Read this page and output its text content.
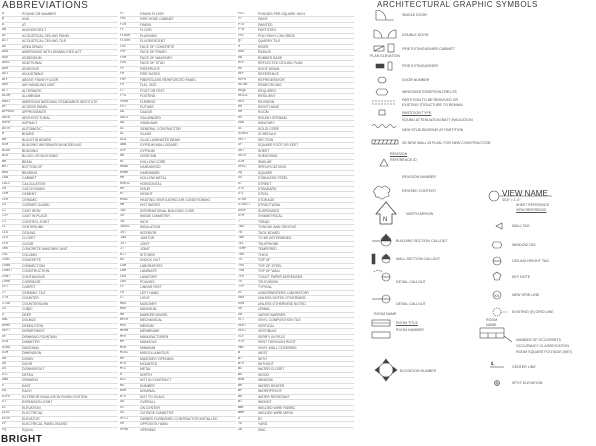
ABBREVIATIONS
&	POUND OR NUMBER
@	AND
A	AT
AB	ANCHOR BOLT
AC	ACOUSTICAL CEILING PANEL
ACT	ACOUSTICAL CEILING TILE
AD	AREA DRAIN
ADA	AMERICANS WITH DISABILITIES ACT
ADD	ADDENDUM
ADDL	ADDITIONAL
ADH	ADHESIVE
ADJ	ADJUSTABLE
AFF	ABOVE FINISH FLOOR
AHU	AIR HANDLING UNIT
ALT	ALTERNATE
ALUM	ALUMINUM
ANSI	AMERICAN NATIONAL STANDARDS INSTITUTE
AP	ACCESS PANEL
APPROX	APPROXIMATE
ARCH	ARCHITECTURAL
ASPH	ASPHALT
AUTO	AUTOMATIC
B	BOARD
BB	BULLETIN BOARD
BIM	BUILDING INFORMATION MODELING
BLDG	BUILDING
BLK	BLOCK OR BLOCKING
BM	BEAM
BOT	BOTTOM OF
BRG	BEARING
CAB	CABINET
CALC	CALCULATION
CB	CATCH BASIN
CEM	CEMENT
CER	CERAMIC
CG	CORNER GUARD
CI	CAST IRON
CIP	CAST IN PLACE
CJ	CONTROL JOINT
CL	CENTERLINE
CLG	CEILING
CLO	CLOSET
CLR	CLEAR
CMU	CONCRETE MASONRY UNIT
COL	COLUMN
CONC	CONCRETE
CONN	CONNECTION
CONST	CONSTRUCTION
CONT	CONTINUOUS
CORR	CORRIDOR
CPT	CARPET
CT	CERAMIC TILE
CTR	COUNTER
CTSK	COUNTERSUNK
CU	CUBIC
D	DEEP
DBL	DOUBLE
DEMO	DEMOLITION
DEPT	DEPARTMENT
DF	DRINKING FOUNTAIN
DIA	DIAMETER
DIAG	DIAGONAL
DIM	DIMENSION
DN	DOWN
DR	DOOR
DS	DOWNSPOUT
DTL	DETAIL
DWG	DRAWING
E	EAST
EA	EACH
EIFS	EXTERIOR INSULATION FINISH SYSTEM
EJ	EXPANSION JOINT
EL	ELEVATION
ELEC	ELECTRICAL
ELEV	ELEVATOR
EP	ELECTRICAL PANEL BOARD
EQ	EQUAL
FF	FINISH FLOOR
FHC	FIRE HOSE CABINET
FIN	FINISH
FL	FLOOR
FLASH	FLASHING
FLUOR	FLUORESCENT
FOC	FACE OF CONCRETE
FOF	FACE OF FINISH
FOM	FACE OF MASONRY
FOS	FACE OF STUD
FP	FIREPROOF
FR	FIRE RATED
FRP	FIBERGLASS REINFORCED PANEL
FS	FULL SIZE
FT	FOOT OR FEET
FTG	FOOTING
FURR	FURRING
FUT	FUTURE
GA	GAUGE
GALV	GALVANIZED
GB	GRAB BAR
GC	GENERAL CONTRACTOR
GL	GLASS
GLB	GLUE LAMINATED BEAM
GWB	GYPSUM WALL BOARD
GYP	GYPSUM
HB	HOSE BIB
HC	HOLLOW CORE
HDWD	HARDWOOD
HDWR	HARDWARE
HM	HOLLOW METAL
HORIZ	HORIZONTAL
HR	HOUR
HT	HEIGHT
HVAC	HEATING VENTILATING AIR CONDITIONING
HW	HOT WATER
IBC	INTERNATIONAL BUILDING CODE
ID	INSIDE DIAMETER
IN	INCH
INSUL	INSULATION
INT	INTERIOR
JAN	JANITOR
JST	JOIST
JT	JOINT
KIT	KITCHEN
KO	KNOCK OUT
LAB	LABORATORY
LAM	LAMINATE
LAV	LAVATORY
LBS	POUNDS
LF	LINEAR FEET
LH	LEFT HAND
LT	LIGHT
MAS	MASONRY
MAX	MAXIMUM
MB	MARKER BOARD
MECH	MECHANICAL
MED	MEDIUM
MEMB	MEMBRANE
MFR	MANUFACTURER
MH	MANHOLE
MIN	MINIMUM
MISC	MISCELLANEOUS
MO	MASONRY OPENING
MTD	MOUNTED
MTL	METAL
N	NORTH
NIC	NOT IN CONTRACT
NO	NUMBER
NOM	NOMINAL
NTS	NOT TO SCALE
OA	OVERALL
OC	ON CENTER
OD	OUTSIDE DIAMETER
OFCI	OWNER FURNISHED CONTRACTOR INSTALLED
OH	OPPOSITE HAND
OPNG	OPENING
PSI	POUNDS PER SQUARE INCH
PT	PAINT
PTD	PAINTED
PTN	PARTITION
PVC	POLYVINYL CHLORIDE
QT	QUARRY TILE
R	RISER
RAD	RADIUS
RB	RUBBER BASE
RCP	REFLECTED CEILING PLAN
RD	ROOF DRAIN
REF	REFERENCE
REFR	REFRIGERATOR
REINF	REINFORCING
REQD	REQUIRED
RESIL	RESILIENT
REV	REVISION
RH	RIGHT HAND
RM	ROOM
RO	ROUGH OPENING
SAN	SANITARY
SC	SOLID CORE
SCHED	SCHEDULE
SECT	SECTION
SF	SQUARE FOOT OR FEET
SHT	SHEET
SHTG	SHEATHING
SIM	SIMILAR
SPEC	SPECIFICATIONS
SQ	SQUARE
SS	STAINLESS STEEL
ST	STREET
STD	STANDARD
STL	STEEL
STOR	STORAGE
STRUCT	STRUCTURAL
SUSP	SUSPENDED
SYM	SYMMETRICAL
T	TREAD
T&G	TONGUE AND GROOVE
TB	TACK BOARD
TBD	TO BE DETERMINED
TEL	TELEPHONE
TEMP	TEMPERED
THK	THICK
TO	TOP OF
TOS	TOP OF STEEL
TOW	TOP OF WALL
TPD	TOILET PAPER DISPENSER
TV	TELEVISION
TYP	TYPICAL
UL	UNDERWRITERS LABORATORY
UNO	UNLESS NOTED OTHERWISE
UON	UNLESS OTHERWISE NOTED
UR	URINAL
VB	VAPOR BARRIER
VCT	VINYL COMPOSITION TILE
VERT	VERTICAL
VEST	VESTIBULE
VIF	VERIFY IN FIELD
VTR	VENT THROUGH ROOF
VWC	VINYL WALL COVERING
W	WEST
W/	WITH
W/O	WITHOUT
WC	WATER CLOSET
WD	WOOD
WDW	WINDOW
WH	WATER HEATER
WP	WATERPROOF
WR	WATER RESISTANT
WT	WEIGHT
WWF	WELDED WIRE FABRIC
WWM	WELDED WIRE MESH
X	BY
YD	YARD
ZN	ZINC
BRIGHT
ARCHITECTURAL GRAPHIC SYMBOLS
N
XX
℄
SINGLE DOOR
DOUBLE DOOR
FIRE EXTINGUISHER CABINET
PLAN ELEVATION
FIRE EXTINGUISHER
DOOR NUMBER
WINDOW/STOREFRONT/RELITE
PARTITION TO BE REMOVED OR
EXISTING STRUCTURE TO REMAIN
PARTITION TYPE
SOUND ATTENUATION BATT INSULATION
NEW STUD BEARING AT PARTITION
2D NEW WALL IN PLAN. FOR NEW CONSTRUCTION
REVISION
REFERENCE ID
REVISION NUMBER
REVISED CONTENT
NORTH ARROW
BUILDING SECTION CALLOUT
WALL SECTION CALLOUT
DETAIL CALLOUT
DETAIL CALLOUT
ROOM NAME
ROOM TITLE
ROOM NUMBER
ELEVATION NUMBER
VIEW NAME
3/16" = 1'-0"
SHEET REFERENCE
VIEW REFERENCE
WALL TAG
WINDOW TAG
CEILING HEIGHT TAG
KEY NOTE
NEW GRID LINE
EXISTING (E) GRID LINE
ROOM
NAME
NUMBER OF OCCUPANTS
OCCUPANCY CLASSIFICATION
ROOM SQUARE FOOTAGE (NET)
CENTER LINE
SPOT ELEVATION
